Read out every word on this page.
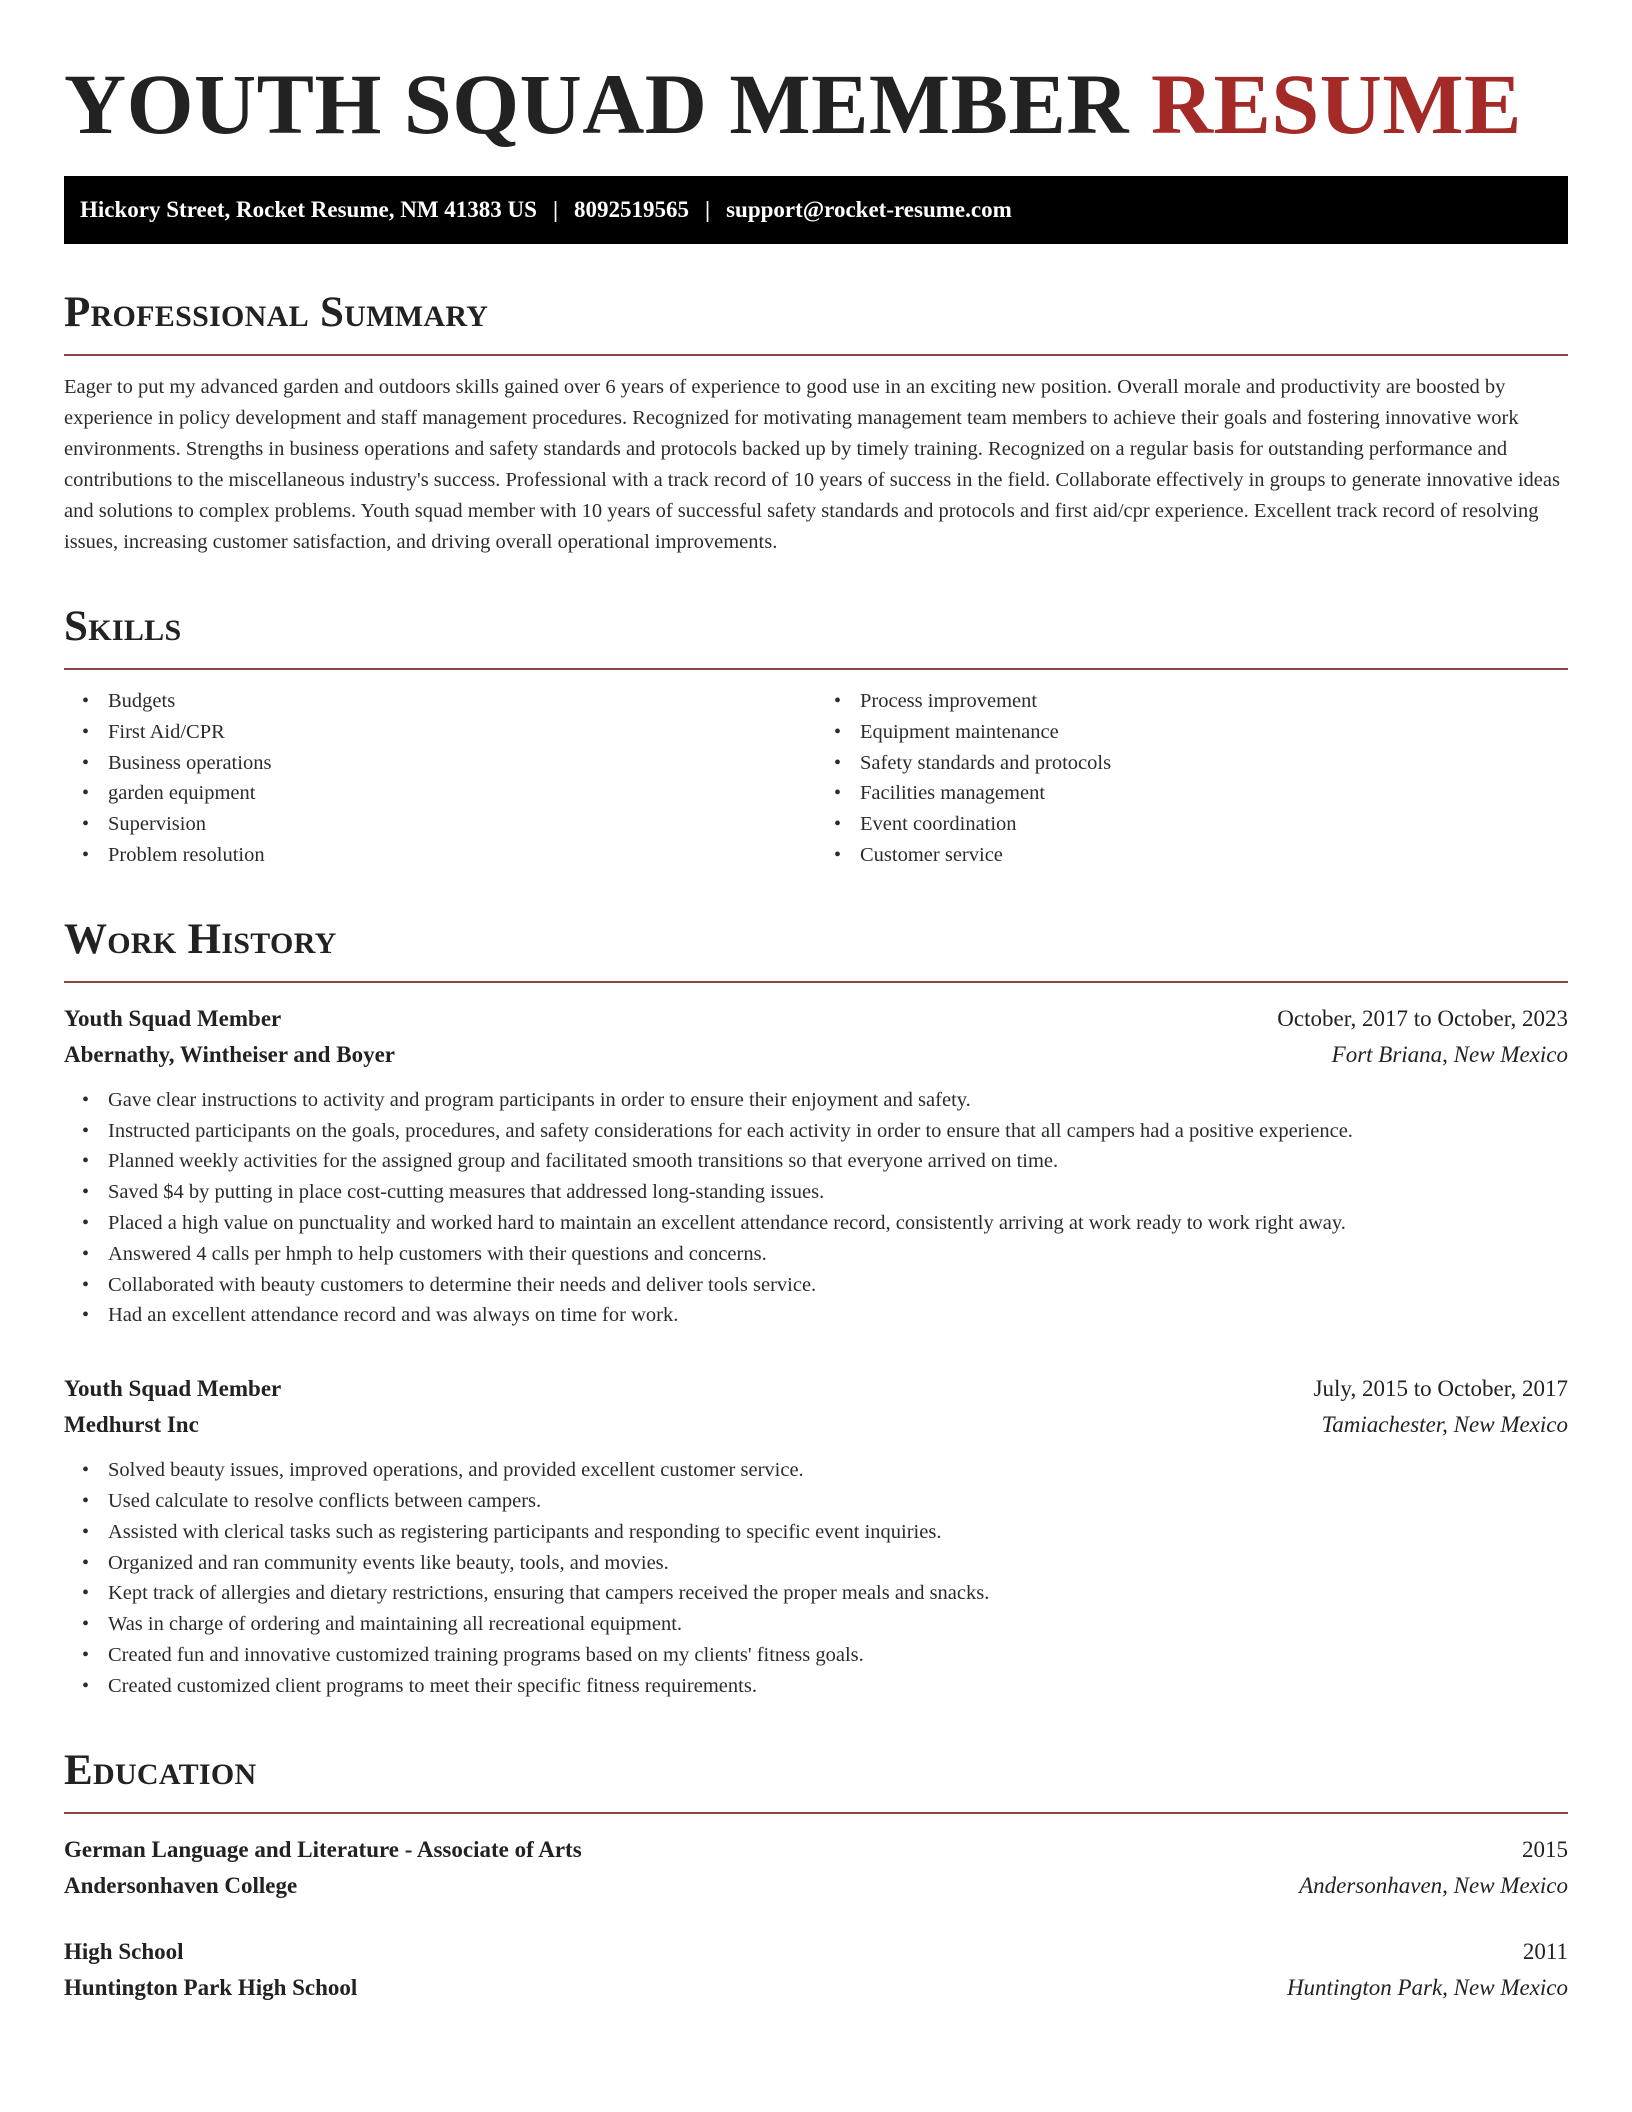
YOUTH SQUAD MEMBER RESUME
Hickory Street, Rocket Resume, NM 41383 US | 8092519565 | support@rocket-resume.com
Professional Summary

Eager to put my advanced garden and outdoors skills gained over 6 years of experience to good use in an exciting new position. Overall morale and productivity are boosted by experience in policy development and staff management procedures. Recognized for motivating management team members to achieve their goals and fostering innovative work environments. Strengths in business operations and safety standards and protocols backed up by timely training. Recognized on a regular basis for outstanding performance and contributions to the miscellaneous industry's success. Professional with a track record of 10 years of success in the field. Collaborate effectively in groups to generate innovative ideas and solutions to complex problems. Youth squad member with 10 years of successful safety standards and protocols and first aid/cpr experience. Excellent track record of resolving issues, increasing customer satisfaction, and driving overall operational improvements.

Skills
• Budgets
• First Aid/CPR
• Business operations
• garden equipment
• Supervision
• Problem resolution
• Process improvement
• Equipment maintenance
• Safety standards and protocols
• Facilities management
• Event coordination
• Customer service
Work History
Youth Squad Member	October, 2017 to October, 2023
Abernathy, Wintheiser and Boyer	Fort Briana, New Mexico
• Gave clear instructions to activity and program participants in order to ensure their enjoyment and safety.
• Instructed participants on the goals, procedures, and safety considerations for each activity in order to ensure that all campers had a positive experience.
• Planned weekly activities for the assigned group and facilitated smooth transitions so that everyone arrived on time.
• Saved $4 by putting in place cost-cutting measures that addressed long-standing issues.
• Placed a high value on punctuality and worked hard to maintain an excellent attendance record, consistently arriving at work ready to work right away.
• Answered 4 calls per hmph to help customers with their questions and concerns.
• Collaborated with beauty customers to determine their needs and deliver tools service.
• Had an excellent attendance record and was always on time for work.
Youth Squad Member	July, 2015 to October, 2017
Medhurst Inc	Tamiachester, New Mexico
• Solved beauty issues, improved operations, and provided excellent customer service.
• Used calculate to resolve conflicts between campers.
• Assisted with clerical tasks such as registering participants and responding to specific event inquiries.
• Organized and ran community events like beauty, tools, and movies.
• Kept track of allergies and dietary restrictions, ensuring that campers received the proper meals and snacks.
• Was in charge of ordering and maintaining all recreational equipment.
• Created fun and innovative customized training programs based on my clients' fitness goals.
• Created customized client programs to meet their specific fitness requirements.
Education
German Language and Literature - Associate of Arts	2015
Andersonhaven College	Andersonhaven, New Mexico
High School	2011
Huntington Park High School	Huntington Park, New Mexico
